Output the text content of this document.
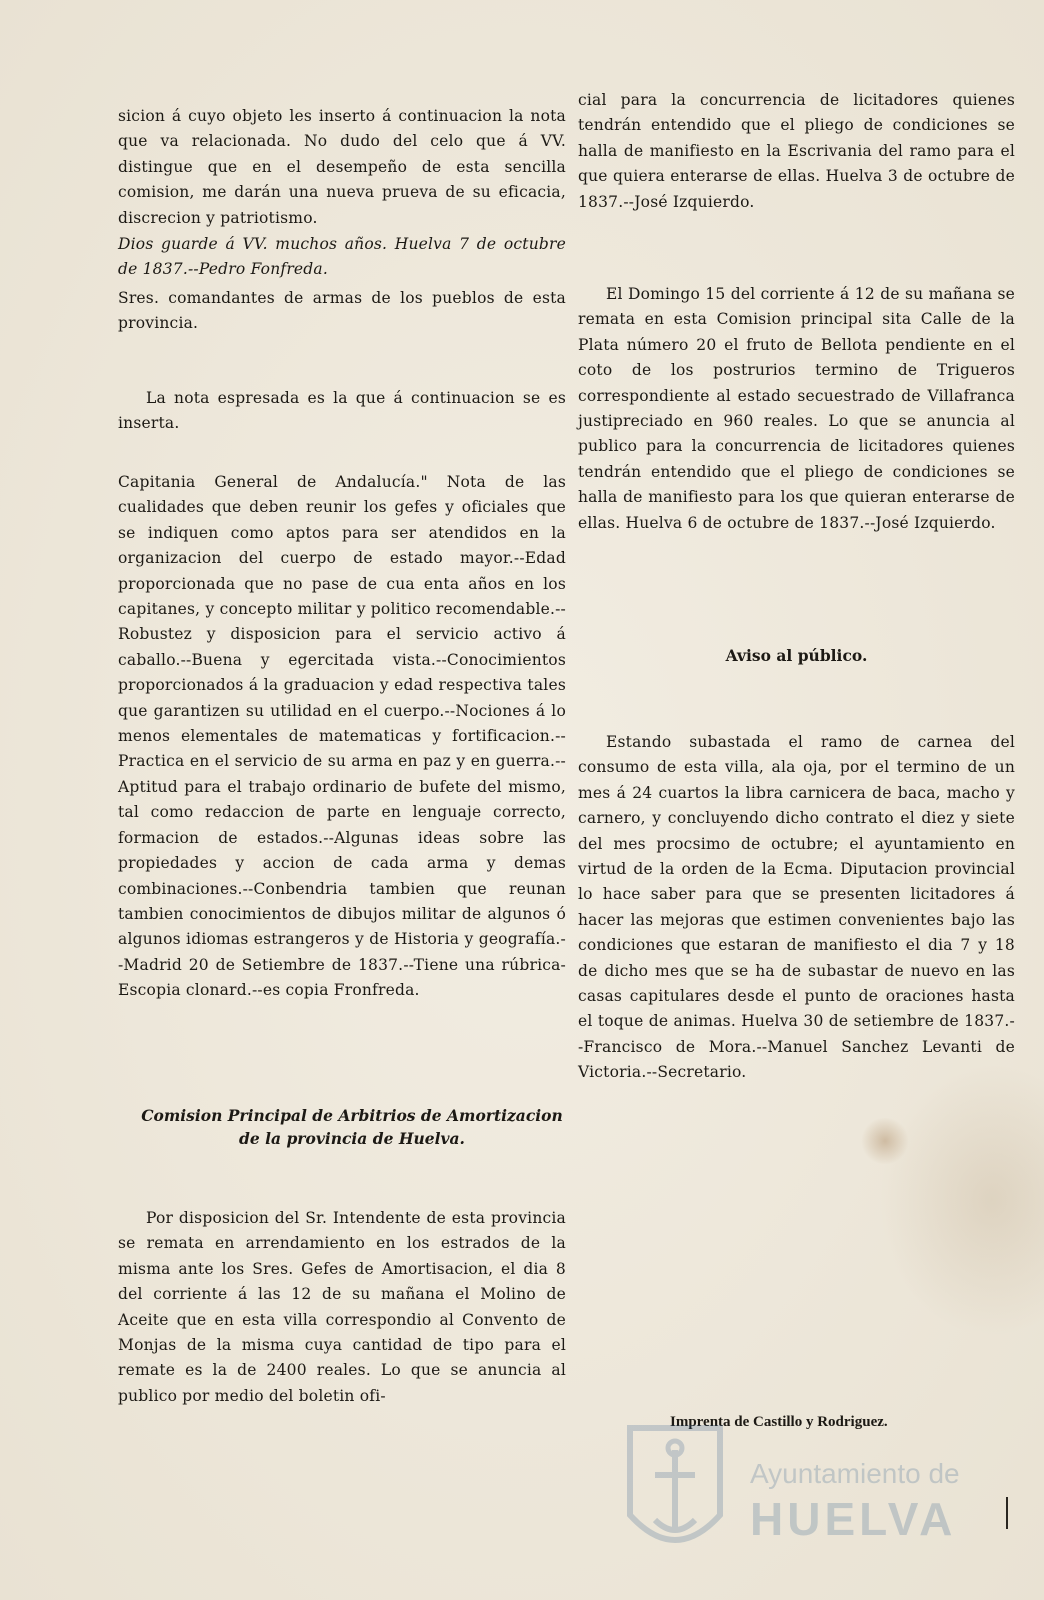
sicion á cuyo objeto les inserto á continuacion la nota que va relacionada. No dudo del celo que á VV. distingue que en el desempeño de esta sencilla comision, me darán una nueva prueva de su eficacia, discrecion y patriotismo.

Dios guarde á VV. muchos años. Huelva 7 de octubre de 1837.--Pedro Fonfreda.

Sres. comandantes de armas de los pueblos de esta provincia.

La nota espresada es la que á continuacion se es inserta.

Capitania General de Andalucía." Nota de las cualidades que deben reunir los gefes y oficiales que se indiquen como aptos para ser atendidos en la organizacion del cuerpo de estado mayor.--Edad proporcionada que no pase de cua enta años en los capitanes, y concepto militar y politico recomendable.--Robustez y disposicion para el servicio activo á caballo.--Buena y egercitada vista.--Conocimientos proporcionados á la graduacion y edad respectiva tales que garantizen su utilidad en el cuerpo.--Nociones á lo menos elementales de matematicas y fortificacion.--Practica en el servicio de su arma en paz y en guerra.--Aptitud para el trabajo ordinario de bufete del mismo, tal como redaccion de parte en lenguaje correcto, formacion de estados.--Algunas ideas sobre las propiedades y accion de cada arma y demas combinaciones.--Conbendria tambien que reunan tambien conocimientos de dibujos militar de algunos ó algunos idiomas estrangeros y de Historia y geografía.--Madrid 20 de Setiembre de 1837.--Tiene una rúbrica-Escopia clonard.--es copia Fronfreda.

Comision Principal de Arbitrios de Amortizacion de la provincia de Huelva.

Por disposicion del Sr. Intendente de esta provincia se remata en arrendamiento en los estrados de la misma ante los Sres. Gefes de Amortisacion, el dia 8 del corriente á las 12 de su mañana el Molino de Aceite que en esta villa correspondio al Convento de Monjas de la misma cuya cantidad de tipo para el remate es la de 2400 reales. Lo que se anuncia al publico por medio del boletin ofi-

cial para la concurrencia de licitadores quienes tendrán entendido que el pliego de condiciones se halla de manifiesto en la Escrivania del ramo para el que quiera enterarse de ellas. Huelva 3 de octubre de 1837.--José Izquierdo.

El Domingo 15 del corriente á 12 de su mañana se remata en esta Comision principal sita Calle de la Plata número 20 el fruto de Bellota pendiente en el coto de los postrurios termino de Trigueros correspondiente al estado secuestrado de Villafranca justipreciado en 960 reales. Lo que se anuncia al publico para la concurrencia de licitadores quienes tendrán entendido que el pliego de condiciones se halla de manifiesto para los que quieran enterarse de ellas. Huelva 6 de octubre de 1837.--José Izquierdo.

Aviso al público.

Estando subastada el ramo de carnea del consumo de esta villa, ala oja, por el termino de un mes á 24 cuartos la libra carnicera de baca, macho y carnero, y concluyendo dicho contrato el diez y siete del mes procsimo de octubre; el ayuntamiento en virtud de la orden de la Ecma. Diputacion provincial lo hace saber para que se presenten licitadores á hacer las mejoras que estimen convenientes bajo las condiciones que estaran de manifiesto el dia 7 y 18 de dicho mes que se ha de subastar de nuevo en las casas capitulares desde el punto de oraciones hasta el toque de animas. Huelva 30 de setiembre de 1837.--Francisco de Mora.--Manuel Sanchez Levanti de Victoria.--Secretario.

Imprenta de Castillo y Rodriguez.
Ayuntamiento de
HUELVA
